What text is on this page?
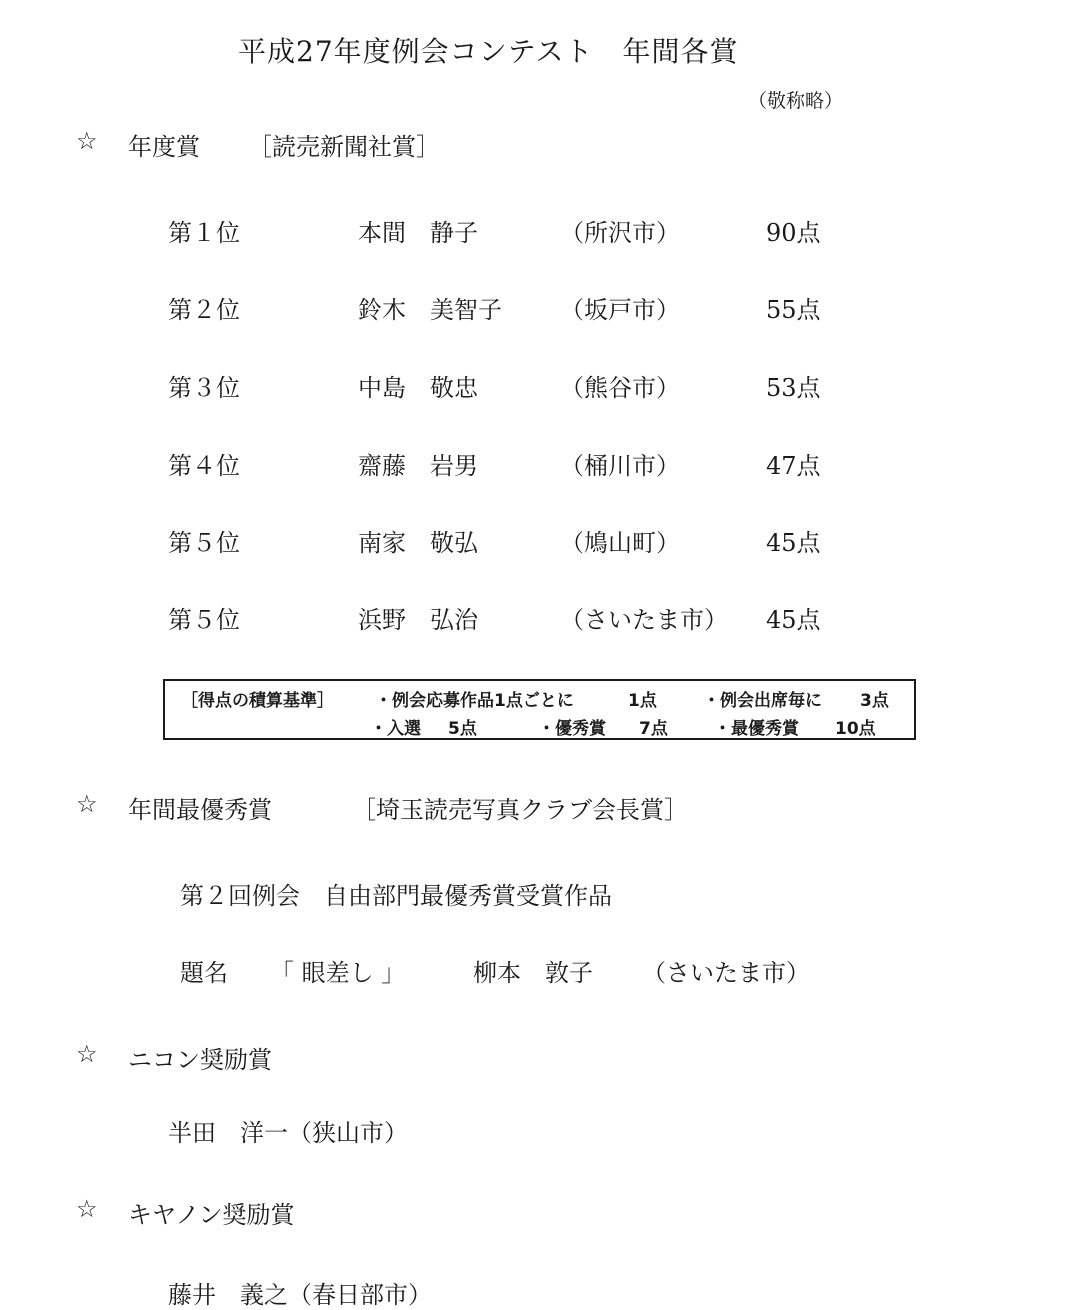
平成27年度例会コンテスト　年間各賞
（敬称略）
☆ 年度賞 ［読売新聞社賞］
第１位	本間　静子	（所沢市）	90点
第２位	鈴木　美智子 （坂戸市）	55点
第３位	中島　敬忠	（熊谷市）	53点
第４位	齋藤　岩男	（桶川市）	47点
第５位	南家　敬弘	（鳩山町）	45点
第５位	浜野　弘治	（さいたま市） 45点
［得点の積算基準］ ・例会応募作品1点ごとに	1点	・例会出席毎に 3点
・入選 5点	・優秀賞 7点	・最優秀賞 10点
☆ 年間最優秀賞	［埼玉読売写真クラブ会長賞］
第２回例会　自由部門最優秀賞受賞作品
題名 「 眼差し 」	柳本　敦子 （さいたま市）
☆ ニコン奨励賞
半田　洋一（狭山市）
☆ キヤノン奨励賞
藤井　義之（春日部市）
